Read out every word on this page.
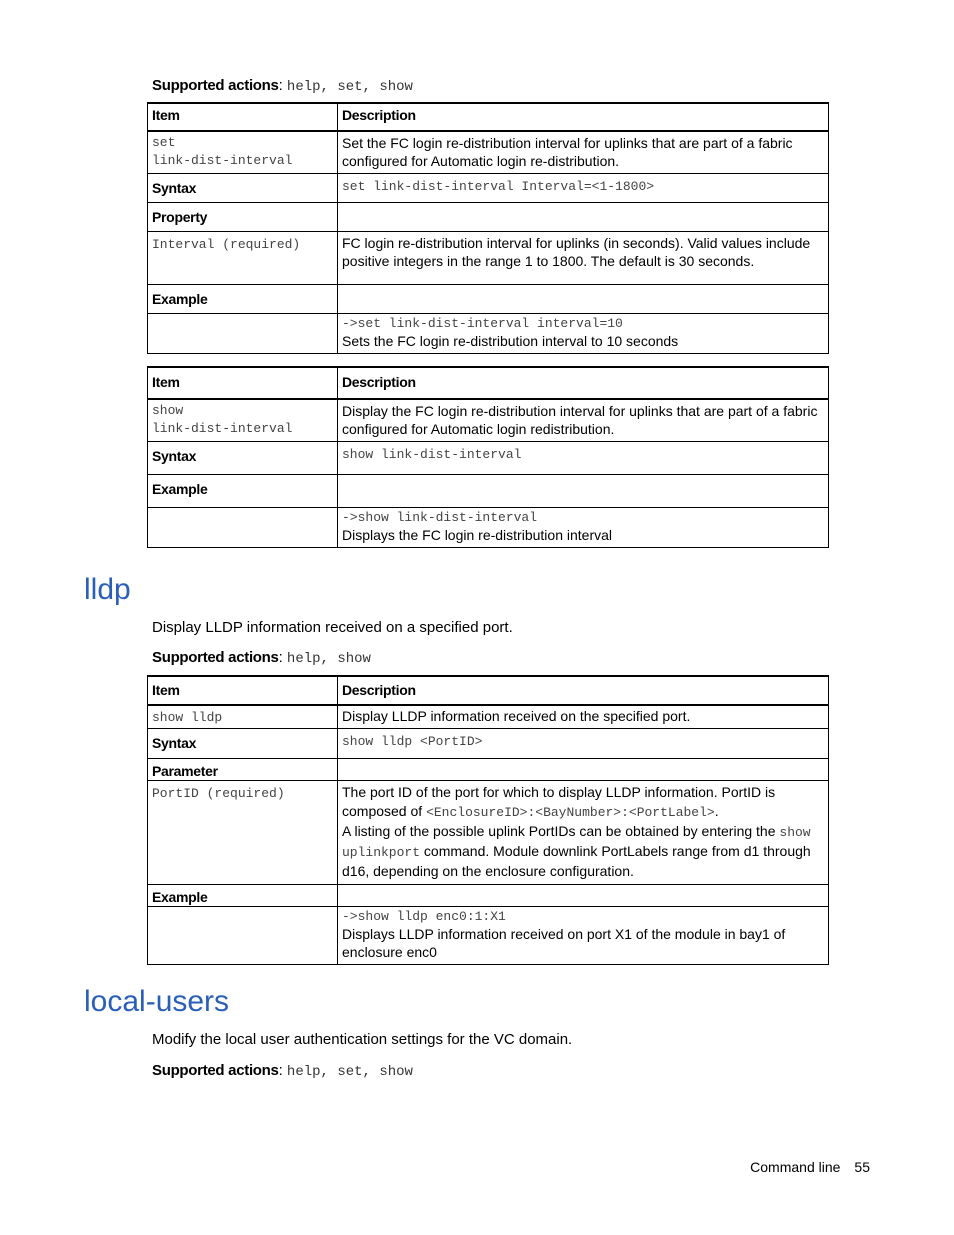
Supported actions: help, set, show
Item	Description

set
link-dist-interval	Set the FC login re-distribution interval for uplinks that are part of a fabric configured for Automatic login re-distribution.
Syntax	set link-dist-interval Interval=<1-1800>
Property	
Interval (required)	FC login re-distribution interval for uplinks (in seconds). Valid values include positive integers in the range 1 to 1800. The default is 30 seconds.
Example	

	->set link-dist-interval interval=10
Sets the FC login re-distribution interval to 10 seconds
Item	Description

show
link-dist-interval	Display the FC login re-distribution interval for uplinks that are part of a fabric configured for Automatic login redistribution.
Syntax	show link-dist-interval
Example	

	->show link-dist-interval
Displays the FC login re-distribution interval
lldp
Display LLDP information received on a specified port.
Supported actions: help, show
Item	Description
show lldp	Display LLDP information received on the specified port.
Syntax	show lldp <PortID>
Parameter	
PortID (required)	The port ID of the port for which to display LLDP information. PortID is composed of <EnclosureID>:<BayNumber>:<PortLabel>.
A listing of the possible uplink PortIDs can be obtained by entering the show uplinkport command. Module downlink PortLabels range from d1 through d16, depending on the enclosure configuration.
Example	

	->show lldp enc0:1:X1
Displays LLDP information received on port X1 of the module in bay1 of enclosure enc0
local-users
Modify the local user authentication settings for the VC domain.
Supported actions: help, set, show
Command line 55
